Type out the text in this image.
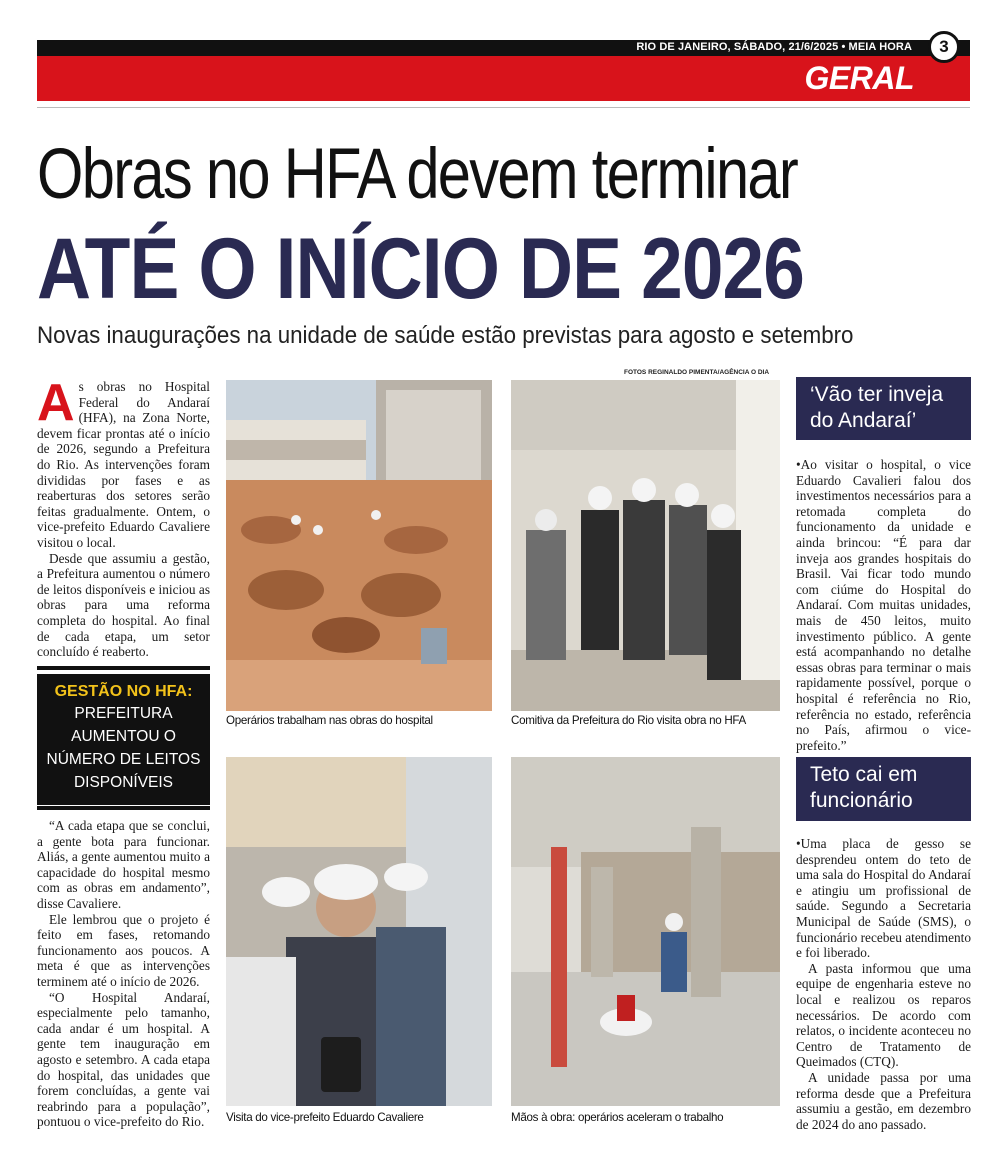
RIO DE JANEIRO, SÁBADO, 21/6/2025 • MEIA HORA
GERAL
3
Obras no HFA devem terminar
ATÉ O INÍCIO DE 2026
Novas inaugurações na unidade de saúde estão previstas para agosto e setembro

As obras no Hospital Federal do Andaraí (HFA), na Zona Norte, devem ficar prontas até o início de 2026, segundo a Prefeitura do Rio. As intervenções foram divididas por fases e as reaberturas dos setores serão feitas gradualmente. Ontem, o vice-prefeito Eduardo Cavaliere visitou o local.

Desde que assumiu a gestão, a Prefeitura aumentou o número de leitos disponíveis e iniciou as obras para uma reforma completa do hospital. Ao final de cada etapa, um setor concluído é reaberto.

GESTÃO NO HFA:
PREFEITURA AUMENTOU O NÚMERO DE LEITOS DISPONÍVEIS

“A cada etapa que se conclui, a gente bota para funcionar. Aliás, a gente aumentou muito a capacidade do hospital mesmo com as obras em andamento”, disse Cavaliere.

Ele lembrou que o projeto é feito em fases, retomando funcionamento aos poucos. A meta é que as intervenções terminem até o início de 2026.

“O Hospital Andaraí, especialmente pelo tamanho, cada andar é um hospital. A gente tem inauguração em agosto e setembro. A cada etapa do hospital, das unidades que forem concluídas, a gente vai reabrindo para a população”, pontuou o vice-prefeito do Rio.

FOTOS REGINALDO PIMENTA/AGÊNCIA O DIA
Operários trabalham nas obras do hospital	Comitiva da Prefeitura do Rio visita obra no HFA
Visita do vice-prefeito Eduardo Cavaliere	Mãos à obra: operários aceleram o trabalho
‘Vão ter inveja do Andaraí’

•Ao visitar o hospital, o vice Eduardo Cavalieri falou dos investimentos necessários para a retomada completa do funcionamento da unidade e ainda brincou: “É para dar inveja aos grandes hospitais do Brasil. Vai ficar todo mundo com ciúme do Hospital do Andaraí. Com muitas unidades, mais de 450 leitos, muito investimento público. A gente está acompanhando no detalhe essas obras para terminar o mais rapidamente possível, porque o hospital é referência no Rio, referência no estado, referência no País, afirmou o vice-prefeito.”

Teto cai em funcionário

•Uma placa de gesso se desprendeu ontem do teto de uma sala do Hospital do Andaraí e atingiu um profissional de saúde. Segundo a Secretaria Municipal de Saúde (SMS), o funcionário recebeu atendimento e foi liberado.

A pasta informou que uma equipe de engenharia esteve no local e realizou os reparos necessários. De acordo com relatos, o incidente aconteceu no Centro de Tratamento de Queimados (CTQ).

A unidade passa por uma reforma desde que a Prefeitura assumiu a gestão, em dezembro de 2024 do ano passado.
